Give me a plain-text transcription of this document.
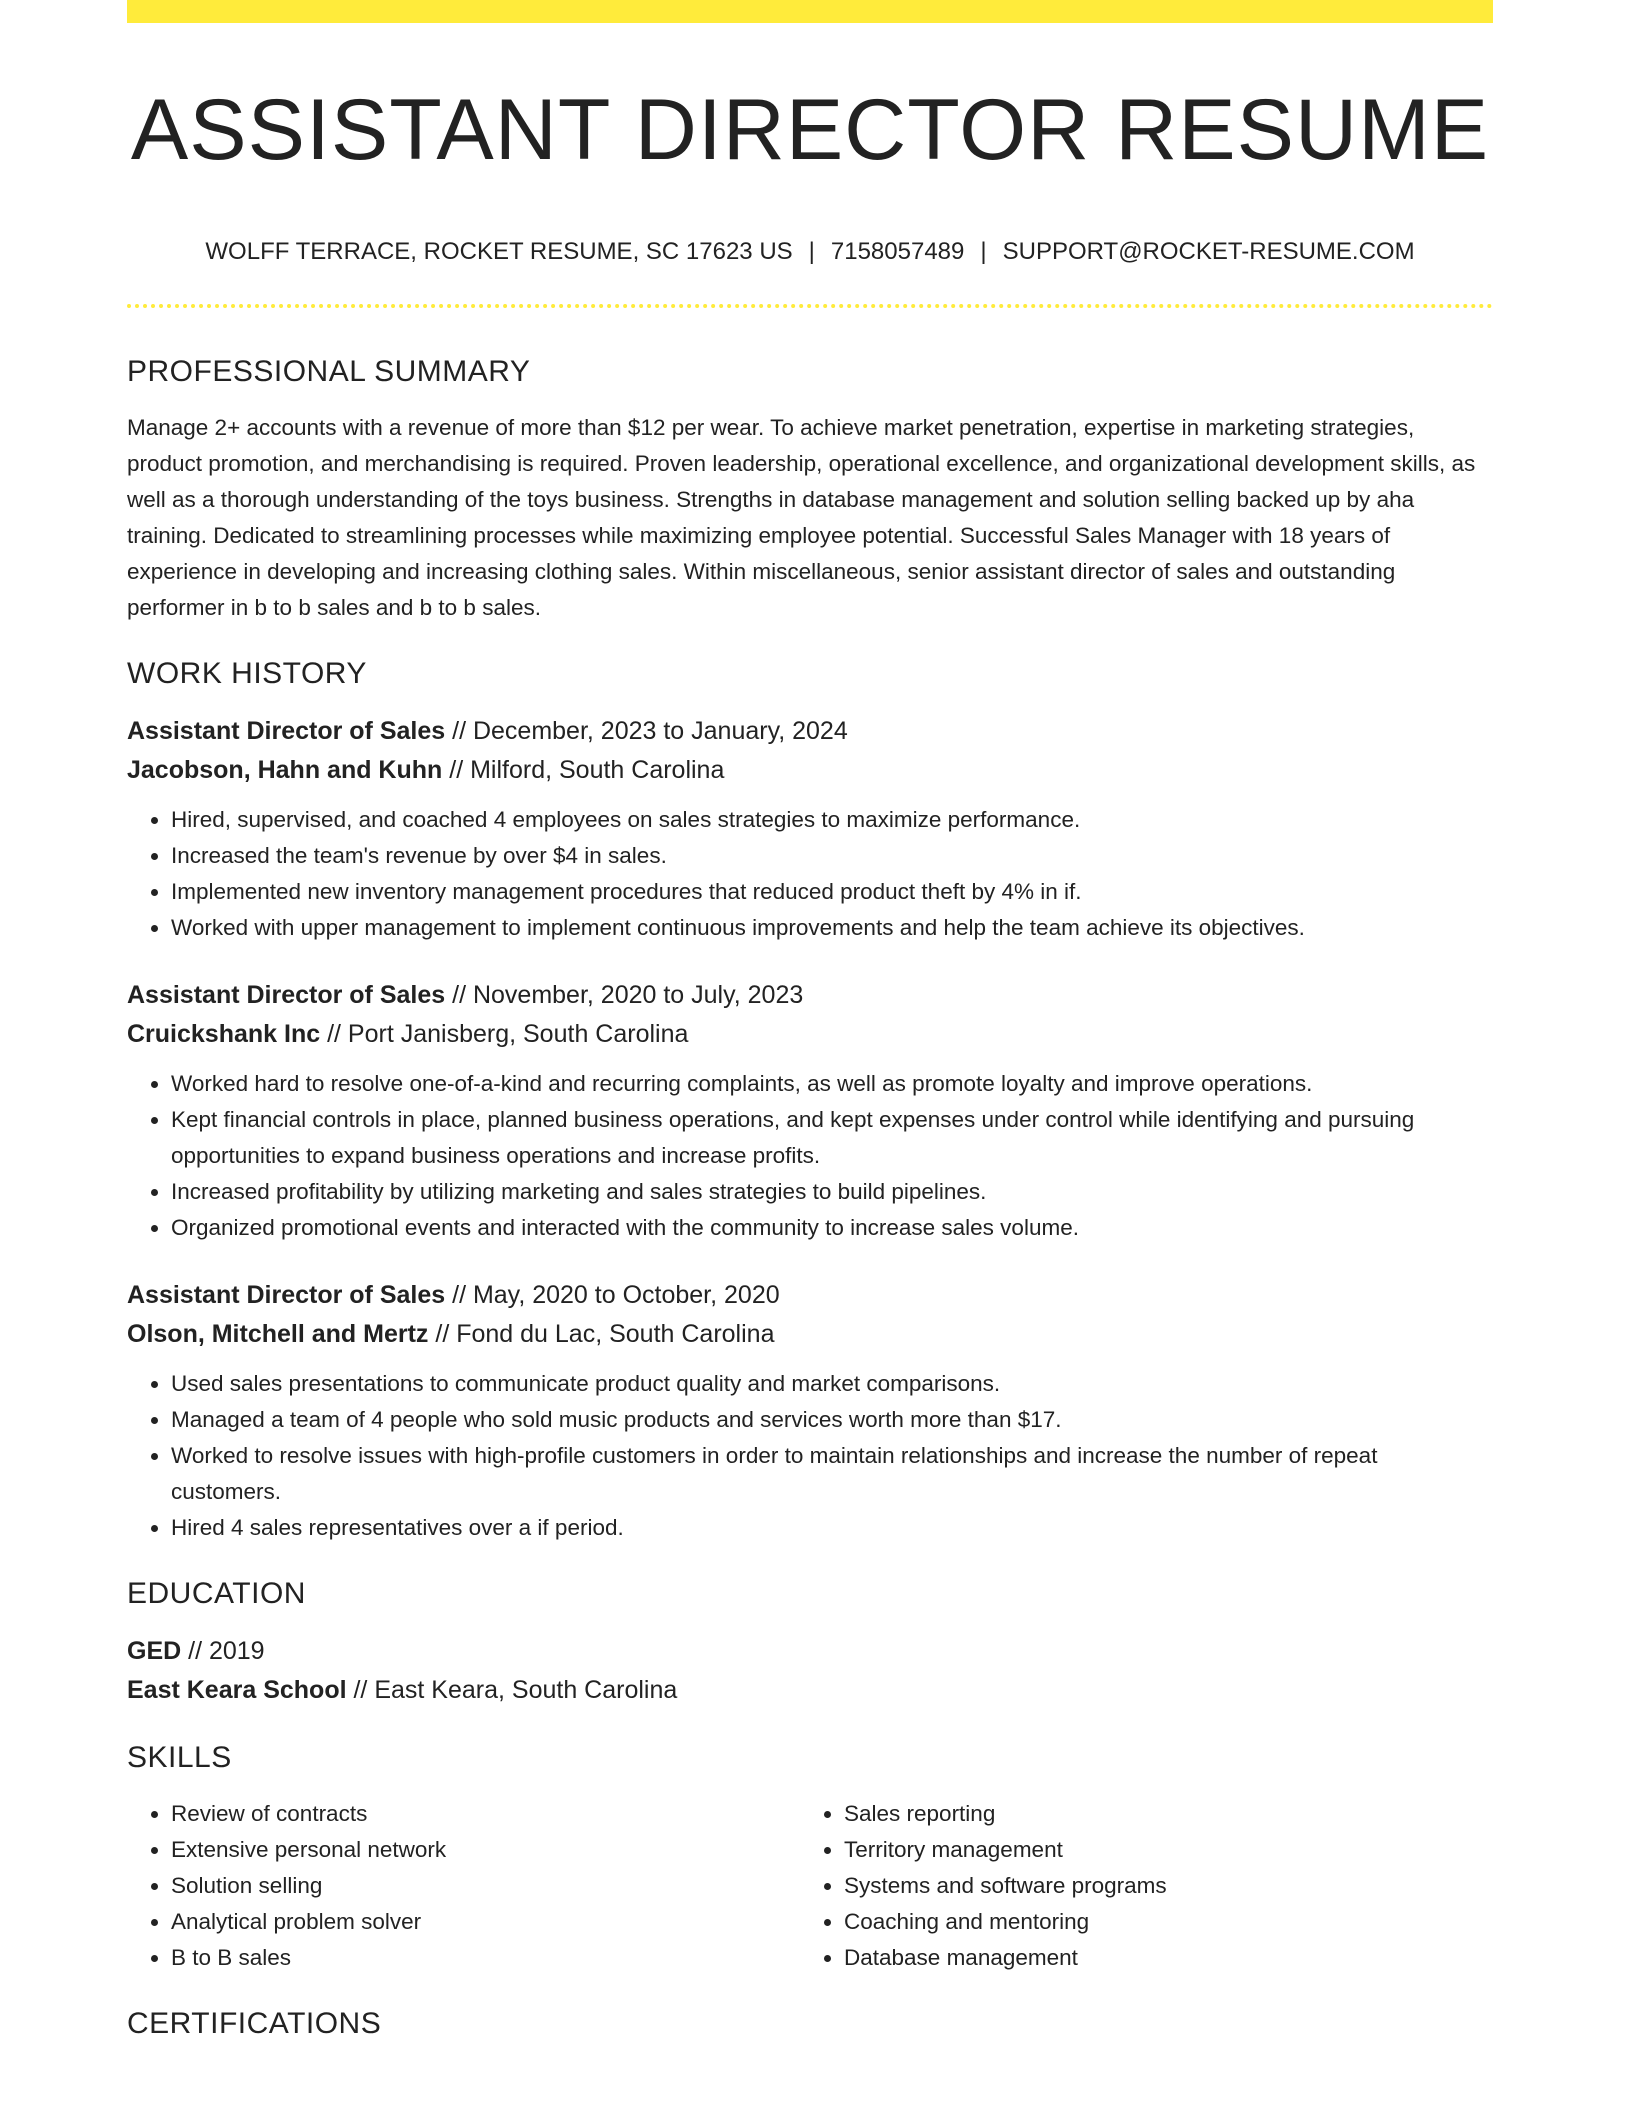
ASSISTANT DIRECTOR RESUME
WOLFF TERRACE, ROCKET RESUME, SC 17623 US | 7158057489 | SUPPORT@ROCKET-RESUME.COM
PROFESSIONAL SUMMARY

Manage 2+ accounts with a revenue of more than $12 per wear. To achieve market penetration, expertise in marketing strategies, product promotion, and merchandising is required. Proven leadership, operational excellence, and organizational development skills, as well as a thorough understanding of the toys business. Strengths in database management and solution selling backed up by aha training. Dedicated to streamlining processes while maximizing employee potential. Successful Sales Manager with 18 years of experience in developing and increasing clothing sales. Within miscellaneous, senior assistant director of sales and outstanding performer in b to b sales and b to b sales.

WORK HISTORY

Assistant Director of Sales // December, 2023 to January, 2024

Jacobson, Hahn and Kuhn // Milford, South Carolina

• Hired, supervised, and coached 4 employees on sales strategies to maximize performance.
• Increased the team's revenue by over $4 in sales.
• Implemented new inventory management procedures that reduced product theft by 4% in if.
• Worked with upper management to implement continuous improvements and help the team achieve its objectives.

Assistant Director of Sales // November, 2020 to July, 2023

Cruickshank Inc // Port Janisberg, South Carolina

• Worked hard to resolve one-of-a-kind and recurring complaints, as well as promote loyalty and improve operations.
• Kept financial controls in place, planned business operations, and kept expenses under control while identifying and pursuing opportunities to expand business operations and increase profits.
• Increased profitability by utilizing marketing and sales strategies to build pipelines.
• Organized promotional events and interacted with the community to increase sales volume.

Assistant Director of Sales // May, 2020 to October, 2020

Olson, Mitchell and Mertz // Fond du Lac, South Carolina

• Used sales presentations to communicate product quality and market comparisons.
• Managed a team of 4 people who sold music products and services worth more than $17.
• Worked to resolve issues with high-profile customers in order to maintain relationships and increase the number of repeat customers.
• Hired 4 sales representatives over a if period.
EDUCATION

GED // 2019

East Keara School // East Keara, South Carolina

SKILLS
• Review of contracts
• Extensive personal network
• Solution selling
• Analytical problem solver
• B to B sales
• Sales reporting
• Territory management
• Systems and software programs
• Coaching and mentoring
• Database management
CERTIFICATIONS
